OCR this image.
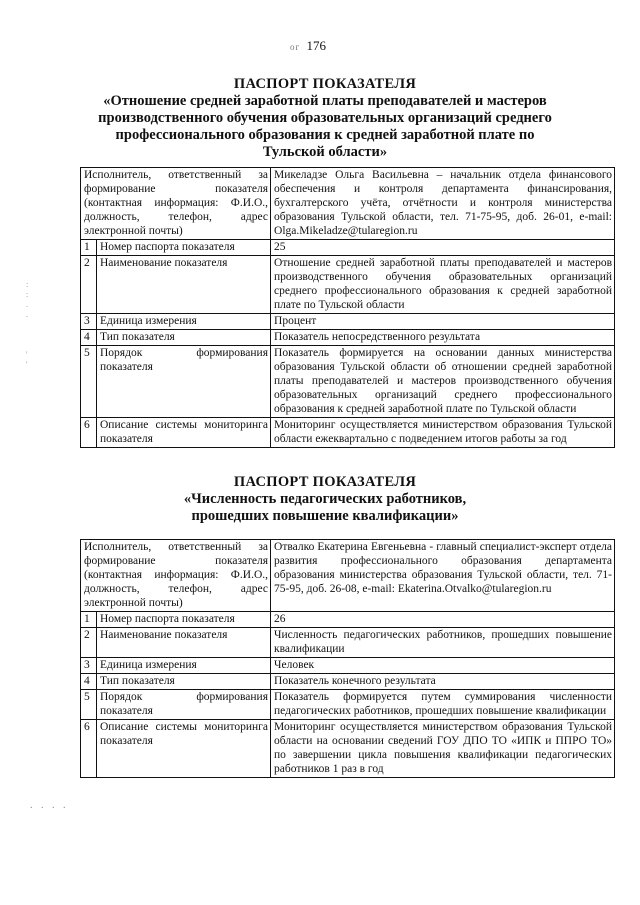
ог 176
ПАСПОРТ ПОКАЗАТЕЛЯ
«Отношение средней заработной платы преподавателей и мастеров производственного обучения образовательных организаций среднего профессионального образования к средней заработной плате по Тульской области»
Исполнитель, ответственный за формирование показателя (контактная информация: Ф.И.О., должность, телефон, адрес электронной почты)		Микеладзе Ольга Васильевна – начальник отдела финансового обеспечения и контроля департамента финансирования, бухгалтерского учёта, отчётности и контроля министерства образования Тульской области, тел. 71-75-95, доб. 26-01, e-mail: Olga.Mikeladze@tularegion.ru
1	Номер паспорта показателя	25
2	Наименование показателя	Отношение средней заработной платы преподавателей и мастеров производственного обучения образовательных организаций среднего профессионального образования к средней заработной плате по Тульской области
3	Единица измерения	Процент
4	Тип показателя	Показатель непосредственного результата
5	Порядок формирования показателя	Показатель формируется на основании данных министерства образования Тульской области об отношении средней заработной платы преподавателей и мастеров производственного обучения образовательных организаций среднего профессионального образования к средней заработной плате по Тульской области
6	Описание системы мониторинга показателя	Мониторинг осуществляется министерством образования Тульской области ежеквартально с подведением итогов работы за год
:
:
.
.

'
'
ПАСПОРТ ПОКАЗАТЕЛЯ
«Численность педагогических работников, прошедших повышение квалификации»
Исполнитель, ответственный за формирование показателя (контактная информация: Ф.И.О., должность, телефон, адрес электронной почты)		Отвалко Екатерина Евгеньевна - главный специалист-эксперт отдела развития профессионального образования департамента образования министерства образования Тульской области, тел. 71-75-95, доб. 26-08, e-mail: Ekaterina.Otvalko@tularegion.ru
1	Номер паспорта показателя	26
2	Наименование показателя	Численность педагогических работников, прошедших повышение квалификации
3	Единица измерения	Человек
4	Тип показателя	Показатель конечного результата
5	Порядок формирования показателя	Показатель формируется путем суммирования численности педагогических работников, прошедших повышение квалификации
6	Описание системы мониторинга показателя	Мониторинг осуществляется министерством образования Тульской области на основании сведений ГОУ ДПО ТО «ИПК и ППРО ТО» по завершении цикла повышения квалификации педагогических работников 1 раз в год
. . . .
